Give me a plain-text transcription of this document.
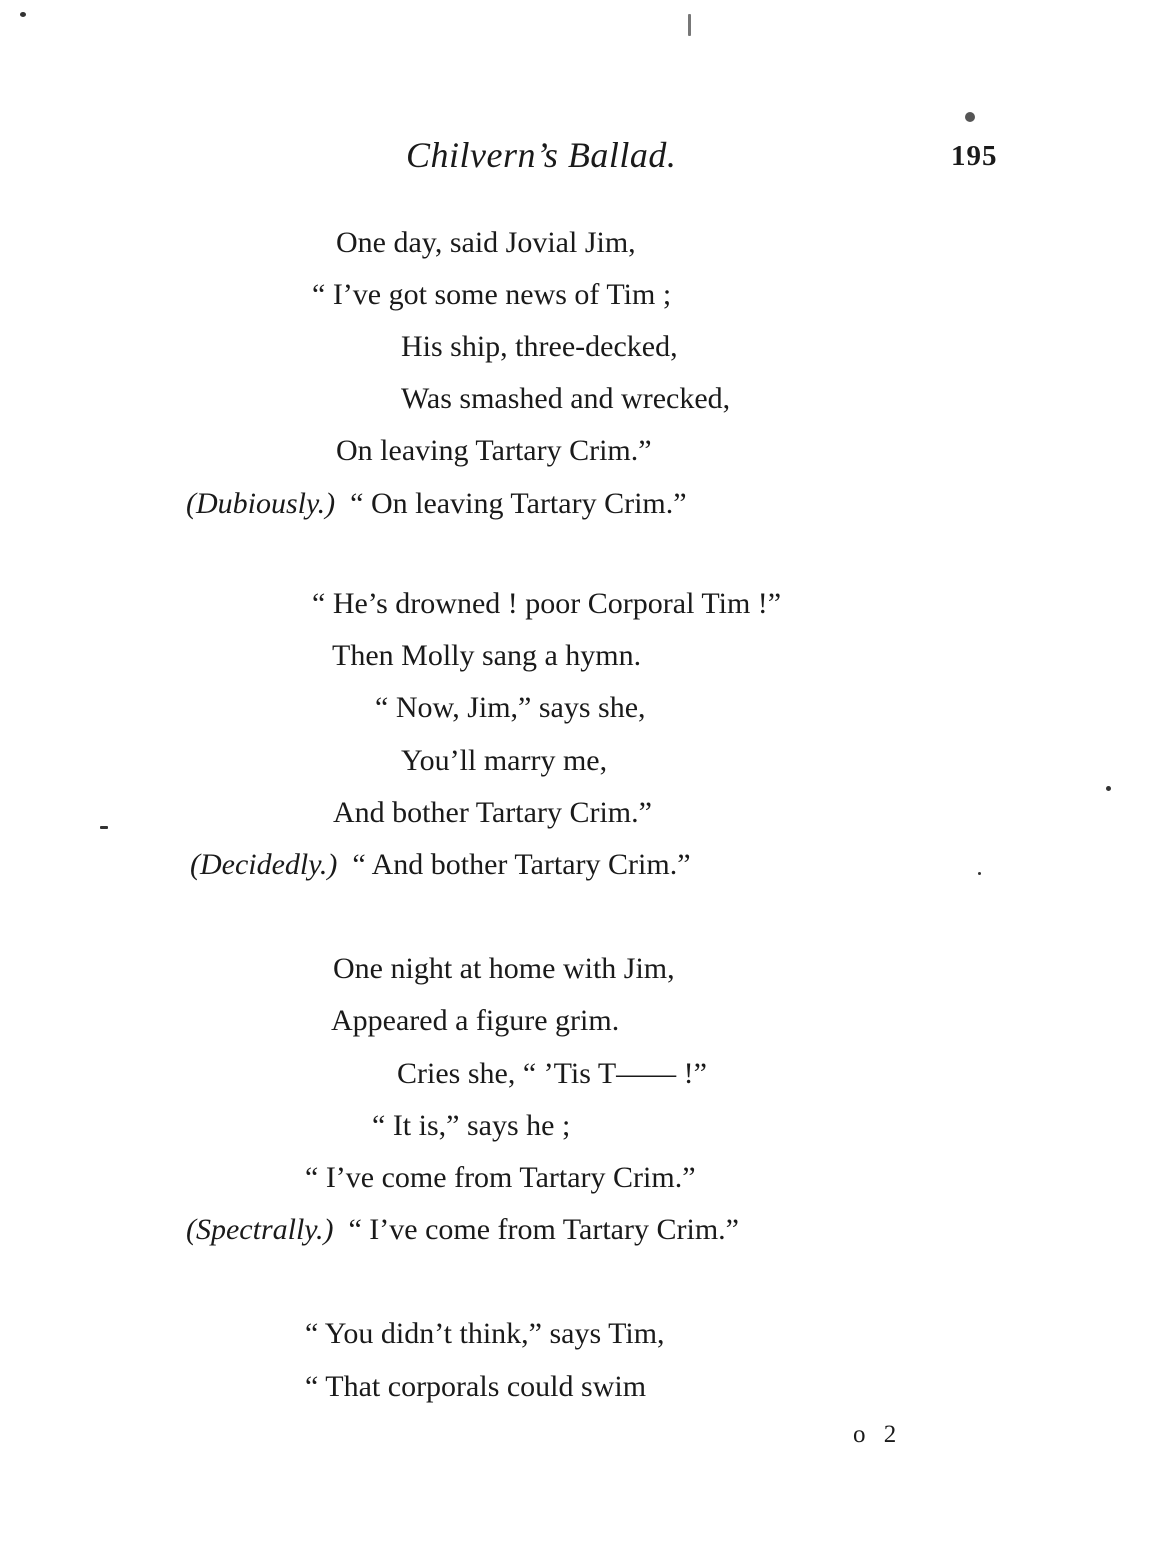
Chilvern’s Ballad.	195
One day, said Jovial Jim,
“ I’ve got some news of Tim ;
His ship, three-decked,
Was smashed and wrecked,
On leaving Tartary Crim.”
(Dubiously.) “ On leaving Tartary Crim.”
“ He’s drowned ! poor Corporal Tim !”
Then Molly sang a hymn.
“ Now, Jim,” says she,
You’ll marry me,
And bother Tartary Crim.”
(Decidedly.) “ And bother Tartary Crim.”
One night at home with Jim,
Appeared a figure grim.
Cries she, “ ’Tis T—— !”
“ It is,” says he ;
“ I’ve come from Tartary Crim.”
(Spectrally.) “ I’ve come from Tartary Crim.”
“ You didn’t think,” says Tim,
“ That corporals could swim
o 2
